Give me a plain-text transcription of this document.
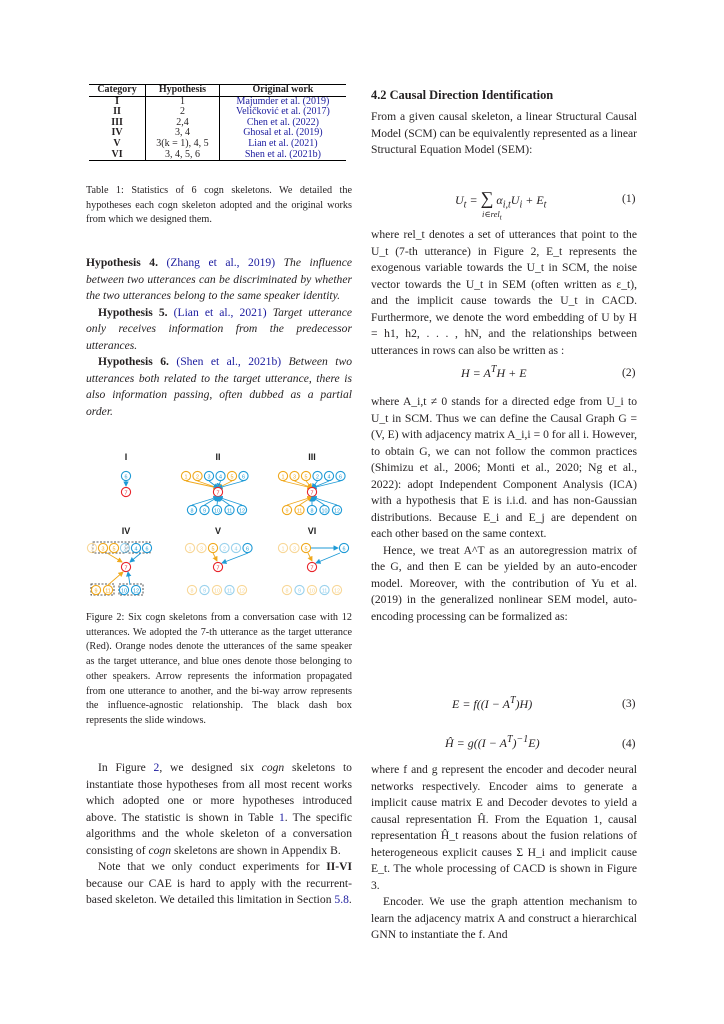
Category	Hypothesis	Original work
I	1	Majumder et al. (2019)
II	2	Veličković et al. (2017)
III	2,4	Chen et al. (2022)
IV	3, 4	Ghosal et al. (2019)
V	3(k = 1), 4, 5	Lian et al. (2021)
VI	3, 4, 5, 6	Shen et al. (2021b)
Table 1: Statistics of 6 cogn skeletons. We detailed the hypotheses each cogn skeleton adopted and the original works from which we designed them.

Hypothesis 4. (Zhang et al., 2019) The influence between two utterances can be discriminated by whether the two utterances belong to the same speaker identity.

Hypothesis 5. (Lian et al., 2021) Target utterance only receives information from the predecessor utterances.

Hypothesis 6. (Shen et al., 2021b) Between two utterances both related to the target utterance, there is also information passing, often dubbed as a partial order.

I
6
7
II
1 2 3 4 5 6
7
8 9 10 11 12
III
1 3 5 2 4 6
7
9 11 8 10 12
IV
1 3 5 2 4 6
7
9 11 10 12
V
1 3 5 2 4 6
7
8 9 10 11 12
VI
1 3 5	6
7
8 9 10 11 12
Figure 2: Six cogn skeletons from a conversation case with 12 utterances. We adopted the 7-th utterance as the target utterance (Red). Orange nodes denote the utterances of the same speaker as the target utterance, and blue ones denote those belonging to other speakers. Arrow represents the information propagated from one utterance to another, and the bi-way arrow represents the influence-agnostic relationship. The black dash box represents the slide windows.

In Figure 2, we designed six cogn skeletons to instantiate those hypotheses from all most recent works which adopted one or more hypotheses introduced above. The statistic is shown in Table 1. The specific algorithms and the whole skeleton of a conversation consisting of cogn skeletons are shown in Appendix B.

Note that we only conduct experiments for II-VI because our CAE is hard to apply with the recurrent-based skeleton. We detailed this limitation in Section 5.8.

4.2 Causal Direction Identification

From a given causal skeleton, a linear Structural Causal Model (SCM) can be equivalently represented as a linear Structural Equation Model (SEM):

$U_t$ = ∑ $\alpha_{i,t}U_i + E_t$
i∈rel$_t$
(1)

where rel_t denotes a set of utterances that point to the U_t (7-th utterance) in Figure 2, E_t represents the exogenous variable towards the U_t in SCM, the noise vector towards the U_t in SEM (often written as ε_t), and the implicit cause towards the U_t in CACD. Furthermore, we denote the word embedding of U by H = h1, h2, . . . , hN, and the relationships between utterances in rows can also be written as :

$H = A^TH + E$	(2)

where A_i,t ≠ 0 stands for a directed edge from U_i to U_t in SCM. Thus we can define the Causal Graph G = (V, E) with adjacency matrix A_i,i = 0 for all i. However, to obtain G, we can not follow the common practices (Shimizu et al., 2006; Monti et al., 2020; Ng et al., 2022): adopt Independent Component Analysis (ICA) with a hypothesis that E is i.i.d. and has non-Gaussian distributions. Because E_i and E_j are dependent on each other based on the same context.

Hence, we treat A^T as an autoregression matrix of the G, and then E can be yielded by an auto-encoder model. Moreover, with the contribution of Yu et al. (2019) in the generalized nonlinear SEM model, auto-encoding processing can be formalized as:

$E = f((I - A^T)H)$	(3)
Ĥ = $g((I - A^T)^{-1}E)$	(4)

where f and g represent the encoder and decoder neural networks respectively. Encoder aims to generate a implicit cause matrix E and Decoder devotes to yield a causal representation Ĥ. From the Equation 1, causal representation Ĥ_t reasons about the fusion relations of heterogeneous explicit causes Σ H_i and implicit cause E_t. The whole processing of CACD is shown in Figure 3.

Encoder. We use the graph attention mechanism to learn the adjacency matrix A and construct a hierarchical GNN to instantiate the f. And
